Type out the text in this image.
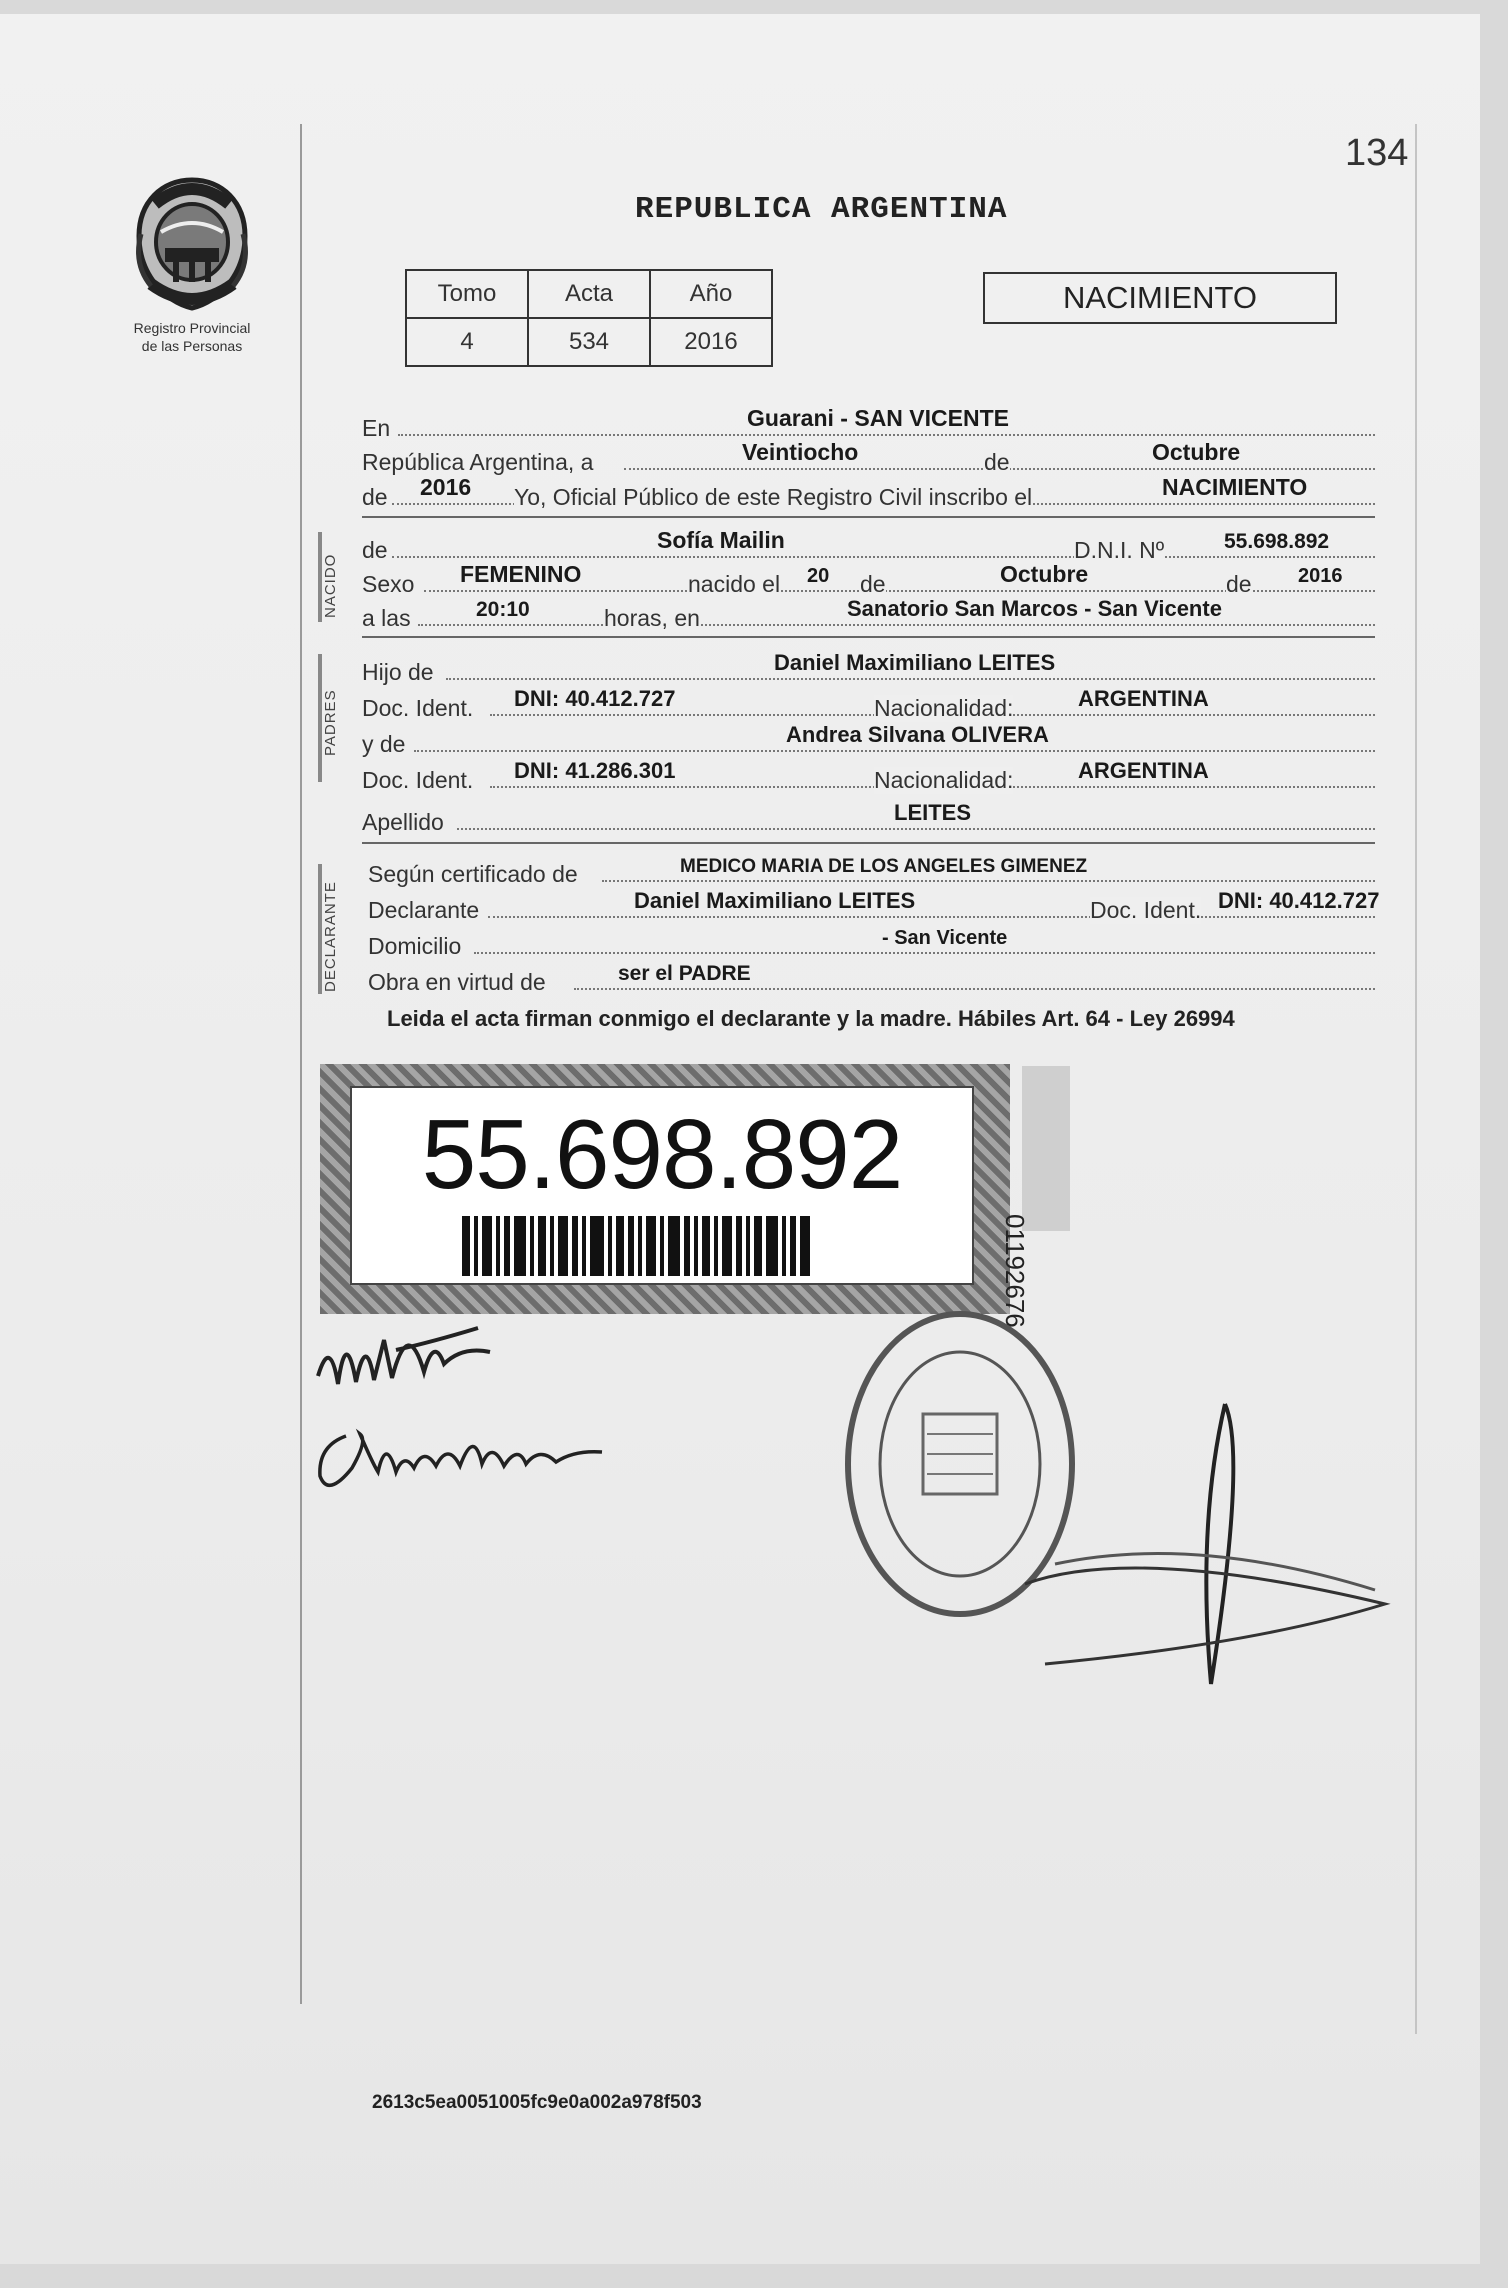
134
Registro Provincial
de las Personas
REPUBLICA ARGENTINA
Tomo	Acta	Año
4	534	2016
NACIMIENTO
En	Guarani - SAN VICENTE
República Argentina, a	Veintiocho	de	Octubre
de 2016 Yo, Oficial Público de este Registro Civil inscribo el	NACIMIENTO
NACIDO
de	Sofía Mailin	D.N.I. Nº	55.698.892
Sexo FEMENINO	nacido el 20 de	Octubre	de 2016
a las	20:10	horas, en	Sanatorio San Marcos - San Vicente
PADRES
Hijo de	Daniel Maximiliano LEITES
Doc. Ident. DNI: 40.412.727	Nacionalidad:	ARGENTINA
y de	Andrea Silvana OLIVERA
Doc. Ident. DNI: 41.286.301	Nacionalidad:	ARGENTINA
Apellido	LEITES
DECLARANTE
Según certificado de	MEDICO MARIA DE LOS ANGELES GIMENEZ
Declarante	Daniel Maximiliano LEITES	Doc. Ident. DNI: 40.412.727
Domicilio	- San Vicente
Obra en virtud de	ser el PADRE
Leida el acta firman conmigo el declarante y la madre. Hábiles Art. 64 - Ley 26994
55.698.892
01192676
2613c5ea0051005fc9e0a002a978f503
